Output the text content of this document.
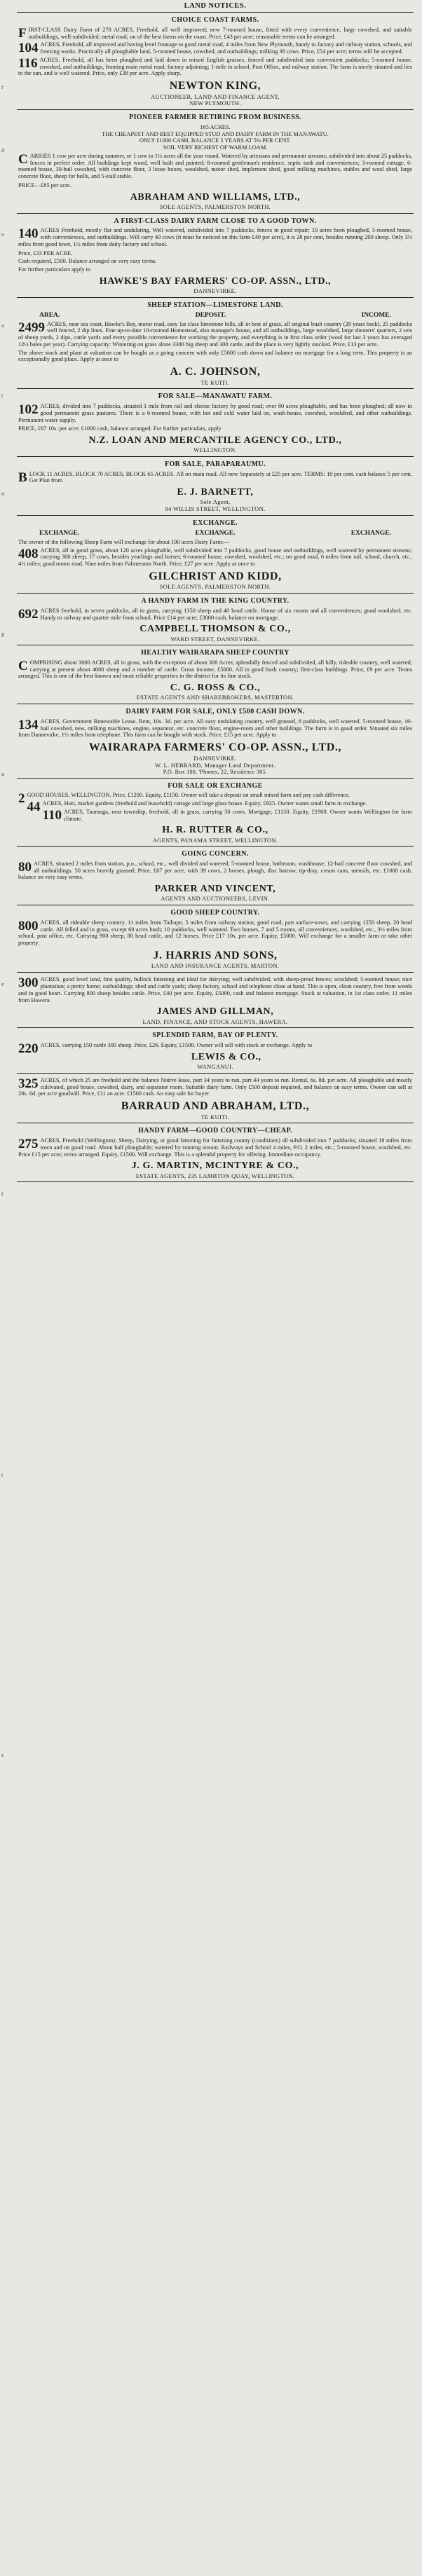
r
d
o
a
t
n
g
u
e
l
t
e
LAND NOTICES.
CHOICE COAST FARMS.
FIRST-CLASS Dairy Farm of 270 ACRES, Freehold, all well improved; new 7-roomed house, fitted with every convenience, large cowshed, and suitable outbuildings, well-subdivided; metal road; on of the best farms on the coast. Price, £43 per acre; reasonable terms can be arranged.
104 ACRES, Freehold, all improved and having level frontage to good metal road, 4 miles from New Plymouth, handy to factory and railway station, schools, and freezing works. Practically all ploughable land, 5-roomed house, cowshed, and outbuildings; milking 38 cows. Price, £54 per acre; terms will be accepted.
116 ACRES, Freehold, all has been ploughed and laid down in mixed English grasses, fenced and subdivided into convenient paddocks; 5-roomed house, cowshed, and outbuildings, fronting main metal road; factory adjoining; 1-mile to school, Post Office, and railway station. The farm is nicely situated and lies to the sun, and is well watered. Price, only £38 per acre. Apply sharp.
NEWTON KING,
AUCTIONEER, LAND AND FINANCE AGENT,
NEW PLYMOUTH.
PIONEER FARMER RETIRING FROM BUSINESS.
165 ACRES.
THE CHEAPEST AND BEST EQUIPPED STUD AND DAIRY FARM IN THE MANAWATU.
ONLY £1000 CASH, BALANCE 5 YEARS AT 5½ PER CENT.
SOIL VERY RICHEST OF WARM LOAM.
CARRIES 1 cow per acre during summer, or 1 cow to 1½ acres all the year round. Watered by artesians and permanent streams; subdivided into about 25 paddocks, fences in perfect order. All buildings kept wood, well built and painted; 8-roomed gentleman's residence, septic tank and conveniences; 3-roomed cottage, 6-roomed house, 30-bail cowshed, with concrete floor, 3 loose boxes, woolshed, motor shed, implement shed, good milking machines, stables and wool shed, large concrete floor, sheep for bulls, and 5-stall stable.
PRICE—£85 per acre.
ABRAHAM AND WILLIAMS, LTD.,
SOLE AGENTS, PALMERSTON NORTH.
A FIRST-CLASS DAIRY FARM CLOSE TO A GOOD TOWN.
140 ACRES Freehold, mostly flat and undulating. Well watered, subdivided into 7 paddocks, fences in good repair; 10 acres been ploughed, 5-roomed house, with conveniences, and outbuildings. Will carry 40 cows (it must be noticed on this farm £40 per acre), it is 28 per cent, besides running 200 sheep. Only 3½ miles from good town, 1½ miles from dairy factory and school.
Price, £33 PER ACRE.
Cash required, £500. Balance arranged on very easy terms.
For further particulars apply to
HAWKE'S BAY FARMERS' CO-OP. ASSN., LTD.,
DANNEVIRKE.
SHEEP STATION—LIMESTONE LAND.
AREA.	DEPOSIT.	INCOME.
2499 ACRES, near sea coast, Hawke's Bay, motor road, easy 1st class limestone hills, all in best of grass, all original bush country (28 years back), 25 paddocks well fenced, 2 dip lines. Fine up-to-date 10-roomed Homestead, also manager's house, and all outbuildings, large woolshed, large shearers' quarters, 2 sets of sheep yards, 2 dips, cattle yards and every possible convenience for working the property, and everything is in first class order (wool for last 3 years has averaged 12½ bales per year). Carrying capacity: Wintering on grass alone 3300 big sheep and 300 cattle, and the place is very lightly stocked. Price, £13 per acre.
The above stock and plant at valuation can be bought as a going concern with only £5000 cash down and balance on mortgage for a long term. This property is an exceptionally good place. Apply at once to
A. C. JOHNSON,
TE KUITI.
FOR SALE—MANAWATU FARM.
102 ACRES, divided into 7 paddocks, situated 1 mile from rail and cheese factory by good road; over 80 acres ploughable, and has been ploughed; all now in good permanent grass pastures. There is a 6-roomed house, with hot and cold water laid on, wash-house, cowshed, woolshed, and other outbuildings. Permanent water supply.
PRICE, £67 10s. per acre; £1000 cash, balance arranged. For further particulars, apply
N.Z. LOAN AND MERCANTILE AGENCY CO., LTD.,
WELLINGTON.
FOR SALE, PARAPARAUMU.
BLOCK 11 ACRES, BLOCK 70 ACRES, BLOCK 65 ACRES. All on main road. All now Separately at £25 per acre. TERMS: 10 per cent. cash balance 5 per cent. Get Plan from
E. J. BARNETT,
Sole Agent,
94 WILLIS STREET, WELLINGTON.
EXCHANGE.
EXCHANGE.	EXCHANGE.	EXCHANGE.
The owner of the following Sheep Farm will exchange for about 100 acres Dairy Farm:—
408 ACRES, all in good grass, about 120 acres ploughable, well subdivided into 7 paddocks, good house and outbuildings, well watered by permanent streams; carrying 300 sheep, 17 cows, besides yearlings and horses; 6-roomed house, cowshed, woolshed, etc.; on good road, 6 miles from rail, school, church, etc., 4½ miles; good motor road. Nine miles from Palmerston North. Price, £27 per acre. Apply at once to
GILCHRIST AND KIDD,
SOLE AGENTS, PALMERSTON NORTH.
A HANDY FARM IN THE KING COUNTRY.
692 ACRES freehold, in seven paddocks, all in grass, carrying 1350 sheep and 40 head cattle. House of six rooms and all conveniences; good woolshed, etc. Handy to railway and quarter mile from school. Price £14 per acre; £3000 cash, balance on mortgage.
CAMPBELL THOMSON & CO.,
WARD STREET, DANNEVIRKE.
HEALTHY WAIRARAPA SHEEP COUNTRY
COMPRISING about 3000 ACRES, all in grass, with the exception of about 300 Acres; splendidly fenced and subdivided, all hilly, rideable country, well watered; carrying at present about 4000 sheep and a number of cattle. Gross income, £5000. All in good bush country; first-class buildings. Price, £9 per acre. Terms arranged. This is one of the best-known and most reliable properties in the district for its fine stock.
C. G. ROSS & CO.,
ESTATE AGENTS AND SHAREBROKERS, MASTERTON.
DAIRY FARM FOR SALE, ONLY £500 CASH DOWN.
134 ACRES, Government Renewable Lease. Rent, 10s. 3d. per acre. All easy undulating country, well grassed, 8 paddocks, well watered. 5-roomed house, 16-bail cowshed, new, milking machines, engine, separator, etc. concrete floor, engine-room and other buildings. The farm is in good order. Situated six miles from Dannevirke, 1½ miles from telephone. This farm can be bought with stock. Price, £15 per acre. Apply to
WAIRARAPA FARMERS' CO-OP. ASSN., LTD.,
DANNEVIRKE.
W. L. HEBBARD, Manager Land Department.
P.O. Box 100. 'Phones, 22, Residence 385.
FOR SALE OR EXCHANGE
2 GOOD HOUSES, WELLINGTON. Price, £1200. Equity, £1150. Owner will take a deposit on small mixed farm and pay cash difference.
44 ACRES, Hutt, market gardens (freehold and leasehold) cottage and large glass house. Equity, £925. Owner wants small farm in exchange.
110 ACRES, Tauranga, near township, freehold, all in grass, carrying 50 cows. Mortgage, £1150. Equity, £1900. Owner wants Wellington for farm climate.
H. R. RUTTER & CO.,
AGENTS, PANAMA STREET, WELLINGTON.
GOING CONCERN.
80 ACRES, situated 2 miles from station, p.o., school, etc., well divided and watered, 5-roomed house, bathroom, washhouse, 12-bail concrete floor cowshed, and all outbuildings. 50 acres heavily grassed; Price, £67 per acre, with 39 cows, 2 horses, plough, disc harrow, tip-dray, cream cans, utensils, etc. £1000 cash, balance on very easy terms.
PARKER AND VINCENT,
AGENTS AND AUCTIONEERS, LEVIN.
GOOD SHEEP COUNTRY.
800 ACRES, all rideable sheep country. 11 miles from Taihape, 5 miles from railway station; good road, part surface-sown, and carrying 1250 sheep, 20 head cattle. All felled and in grass, except 60 acres bush; 10 paddocks, well watered. Two houses, 7 and 5 rooms, all conveniences, woolshed, etc., 3½ miles from school, post office, etc. Carrying 900 sheep, 80 head cattle, and 12 horses. Price £17 10s. per acre. Equity, £5000. Will exchange for a smaller farm or take other property.
J. HARRIS AND SONS,
LAND AND INSURANCE AGENTS, MARTON.
300 ACRES, good level land, first quality, bullock fattening and ideal for dairying; well subdivided, with sheep-proof fences; woolshed; 5-roomed house; nice plantation; a pretty home; outbuildings; shed and cattle yards; sheep factory, school and telephone close at hand. This is open, clean country, free from weeds and in good heart. Carrying 800 sheep besides cattle. Price, £40 per acre. Equity, £5000, cash and balance mortgage. Stock at valuation, in 1st class order. 11 miles from Hawera.
JAMES AND GILLMAN,
LAND, FINANCE, AND STOCK AGENTS, HAWERA.
SPLENDID FARM, BAY OF PLENTY.
220 ACRES, carrying 150 cattle 300 sheep. Price, £26. Equity, £1500. Owner will sell with stock or exchange. Apply to
LEWIS & CO.,
WANGANUI.
325 ACRES, of which 25 are freehold and the balance Native lease, part 34 years to run, part 44 years to run. Rental, 6s. 8d. per acre. All ploughable and mostly cultivated, good house, cowshed, dairy, and separator room. Suitable dairy farm. Only £500 deposit required, and balance on easy terms. Owner can sell at 20s. 6d. per acre goodwill. Price, £11 an acre. £1500 cash. An easy sale for buyer.
BARRAUD AND ABRAHAM, LTD.,
TE KUITI.
HANDY FARM—GOOD COUNTRY—CHEAP.
275 ACRES, Freehold (Wellington); Sheep, Dairying, or good fattening for fattening county (conditions) all subdivided into 7 paddocks; situated 18 miles from town and on good road. About half ploughable; watered by running stream. Railways and School 4 miles, P.O. 2 miles, etc.; 5-roomed house, woolshed, etc. Price £15 per acre; terms arranged. Equity, £1500. Will exchange. This is a splendid property for offering. Immediate occupancy.
J. G. MARTIN, MCINTYRE & CO.,
ESTATE AGENTS, 235 LAMBTON QUAY, WELLINGTON.
